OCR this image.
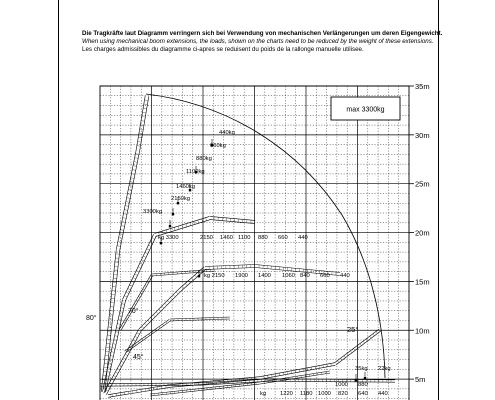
Die Tragkräfte laut Diagramm verringern sich bei Verwendung von mechanischen Verlängerungen um deren Eigengewicht.
When using mechanical boom extensions, the loads, shown on the charts need to be reduced by the weight of these extensions.
Les charges admissibles du diagramme ci-apres se reduisent du poids de la rallonge manuelle utilisee.
35m
30m
25m
20m
15m
10m
5m
max 3300kg
440kg
660kg
880kg
1100kg
1460kg
2150kg
3300kg
kg 3300	2150 1460 1100 880 660 440
kg 2150 1900 1400 1060 840 660 440
35kg 22kg
kg 1220 1180 1000 820 640 440
1000 880
80°
70°
45°
25°
